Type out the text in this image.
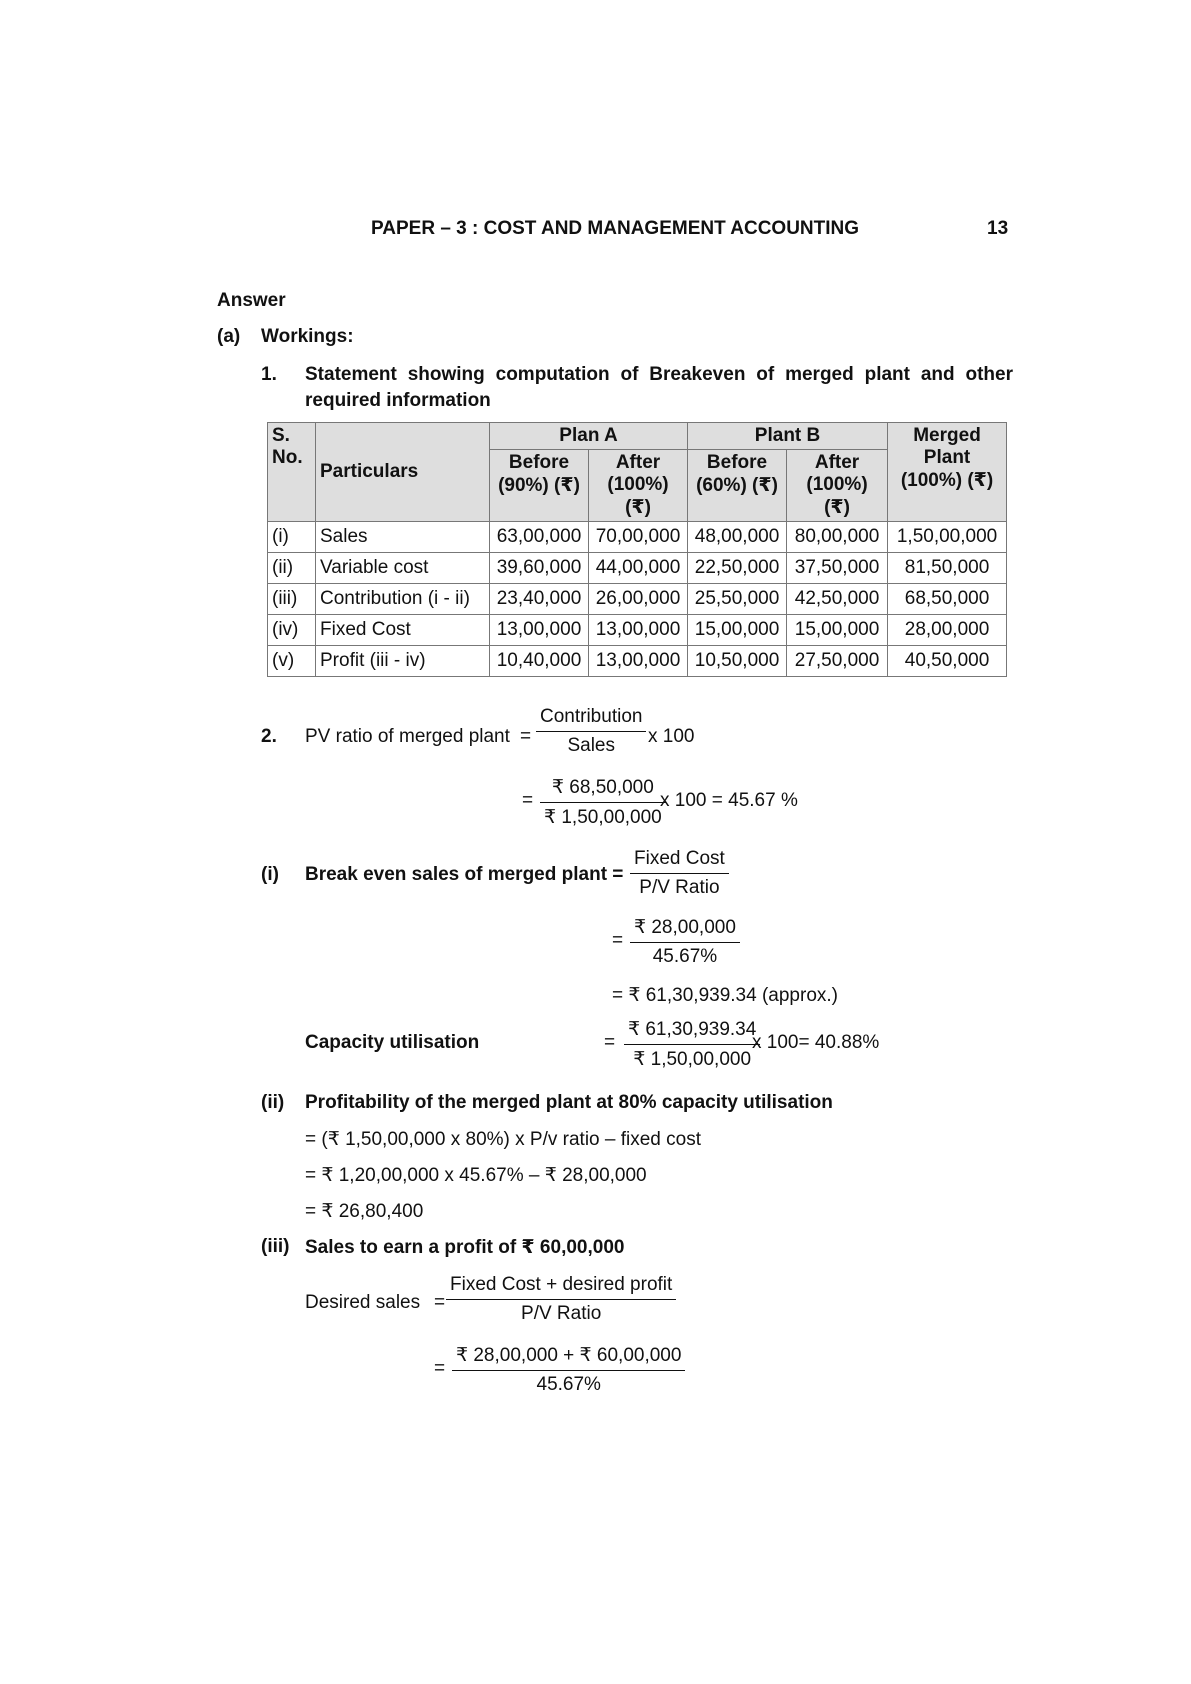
PAPER – 3 : COST AND MANAGEMENT ACCOUNTING	13
Answer
(a) Workings:
1. Statement showing computation of Breakeven of merged plant and other
required information
S. No.	Particulars	Plan A		Plant B		Merged Plant (100%) (₹)
		Before (90%) (₹)	After (100%) (₹)	Before (60%) (₹)	After (100%) (₹)	
(i)	Sales	63,00,000	70,00,000	48,00,000	80,00,000	1,50,00,000
(ii)	Variable cost	39,60,000	44,00,000	22,50,000	37,50,000	81,50,000
(iii)	Contribution (i - ii)	23,40,000	26,00,000	25,50,000	42,50,000	68,50,000
(iv)	Fixed Cost	13,00,000	13,00,000	15,00,000	15,00,000	28,00,000
(v)	Profit (iii - iv)	10,40,000	13,00,000	10,50,000	27,50,000	40,50,000
2. PV ratio of merged plant =
Contribution
Sales	x 100
= $\frac{₹ 68,50,000}{₹ 1,50,00,000}$
x 100 = 45.67 %
(i) Break even sales of merged plant =
Fixed Cost
P/V Ratio
= $\frac{₹ 28,00,000}{45.67\%}$
= ₹ 61,30,939.34 (approx.)
Capacity utilisation	= $\frac{₹ 61,30,939.34}{₹ 1,50,00,000}$
x 100= 40.88%
(ii) Profitability of the merged plant at 80% capacity utilisation
= (₹ 1,50,00,000 x 80%) x P/v ratio – fixed cost
= ₹ 1,20,00,000 x 45.67% – ₹ 28,00,000
= ₹ 26,80,400
(iii) Sales to earn a profit of ₹ 60,00,000
Desired sales =
Fixed Cost + desired profit
P/V Ratio
= $\frac{₹ 28,00,000 + ₹ 60,00,000}{45.67\%}$
